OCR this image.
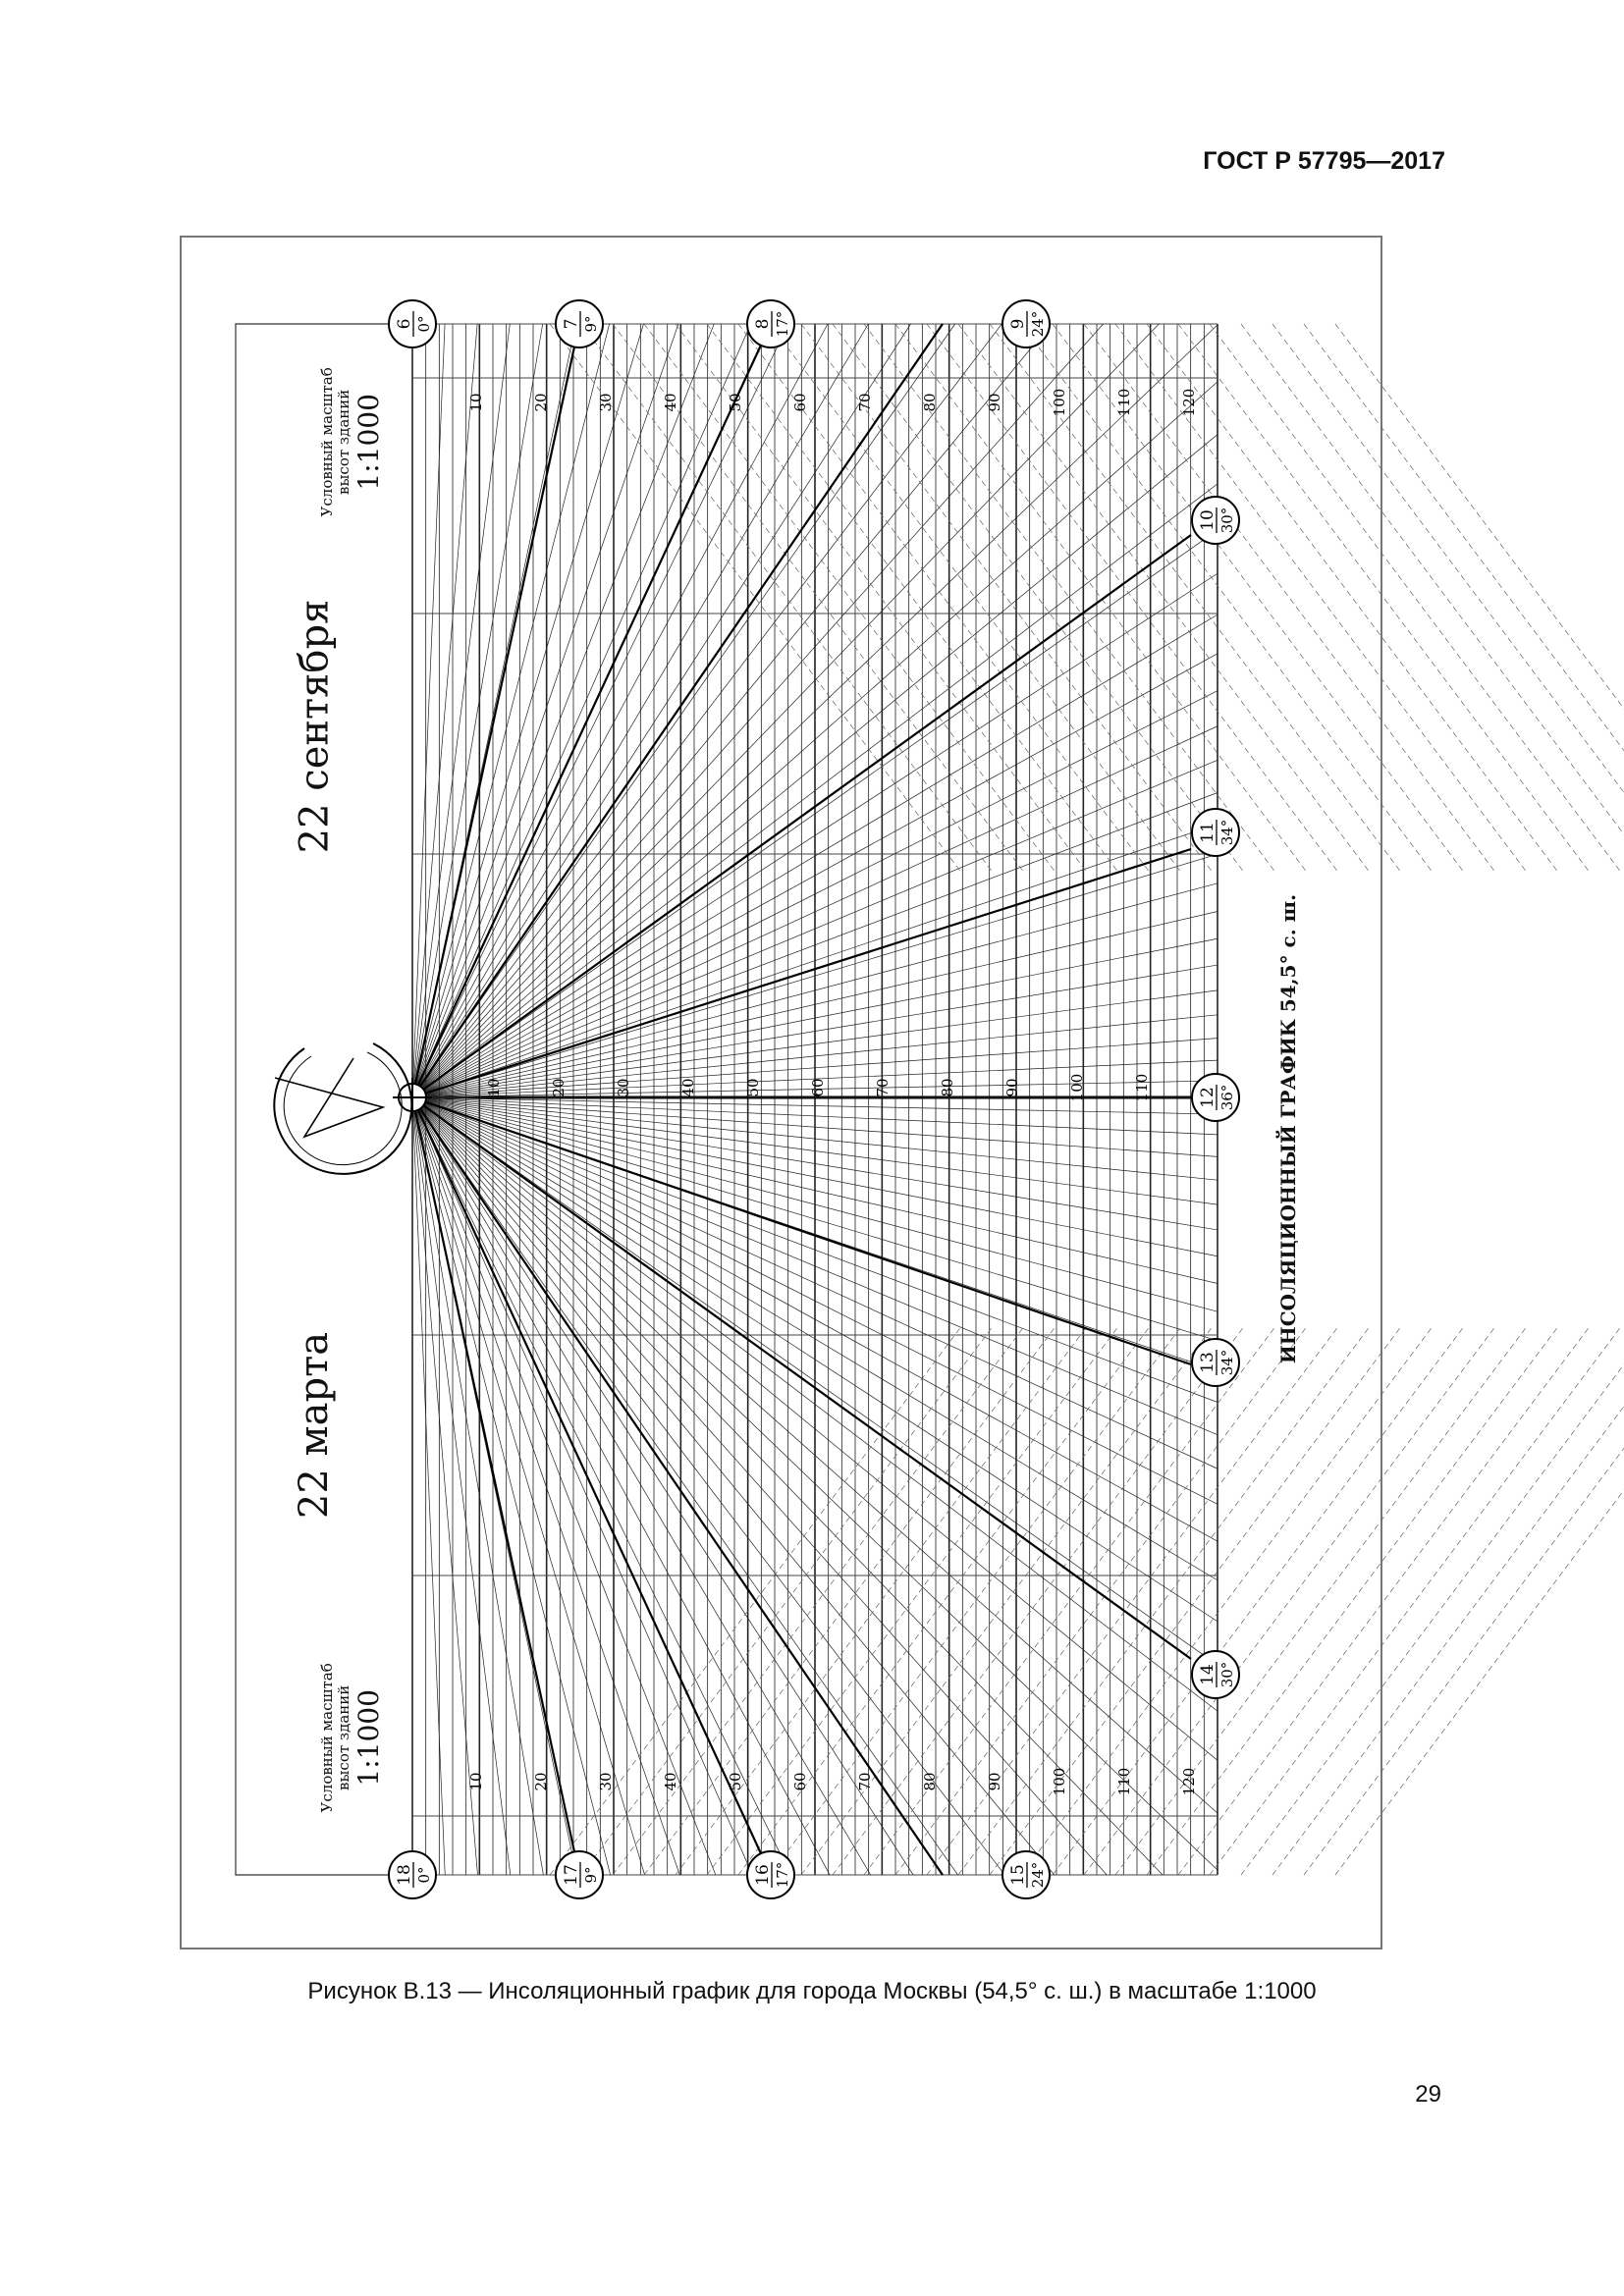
ГОСТ Р 57795—2017
10
10
10
20
20
20
30
30
30
40
40
40
50
50
50
60
60
60
70
70
70
80
80
80
90
90
90
100
100
100
110
110
110
120
120
6 0°	7 9°	8 17°	9 24°
18 0°	17 9°	16 17°	15 24°
10 30°
11 34°
12 36°
13 34°
14 30°
ИНСОЛЯЦИОННЫЙ ГРАФИК 54,5° с. ш.
22 марта
22 сентября
Условный масштаб высот зданий 1:1000
Условный масштаб высот зданий 1:1000
Рисунок В.13 — Инсоляционный график для города Москвы (54,5° с. ш.) в масштабе 1:1000
29
